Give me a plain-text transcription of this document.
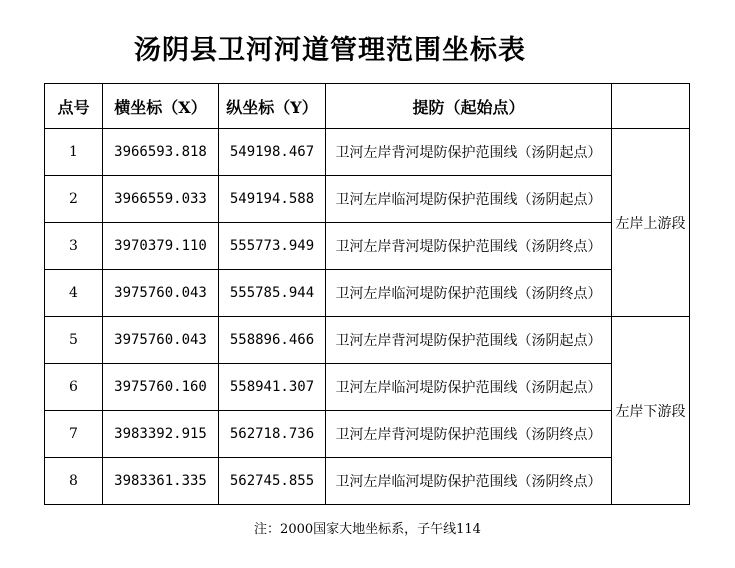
汤阴县卫河河道管理范围坐标表
点号	横坐标（X）	纵坐标（Y）	提防（起始点）	
1	3966593.818	549198.467	卫河左岸背河堤防保护范围线（汤阴起点）	左岸上游段
2	3966559.033	549194.588	卫河左岸临河堤防保护范围线（汤阴起点）	
3	3970379.110	555773.949	卫河左岸背河堤防保护范围线（汤阴终点）	
4	3975760.043	555785.944	卫河左岸临河堤防保护范围线（汤阴终点）	
5	3975760.043	558896.466	卫河左岸背河堤防保护范围线（汤阴起点）	左岸下游段
6	3975760.160	558941.307	卫河左岸临河堤防保护范围线（汤阴起点）	
7	3983392.915	562718.736	卫河左岸背河堤防保护范围线（汤阴终点）	
8	3983361.335	562745.855	卫河左岸临河堤防保护范围线（汤阴终点）	
注：2000国家大地坐标系，子午线114
